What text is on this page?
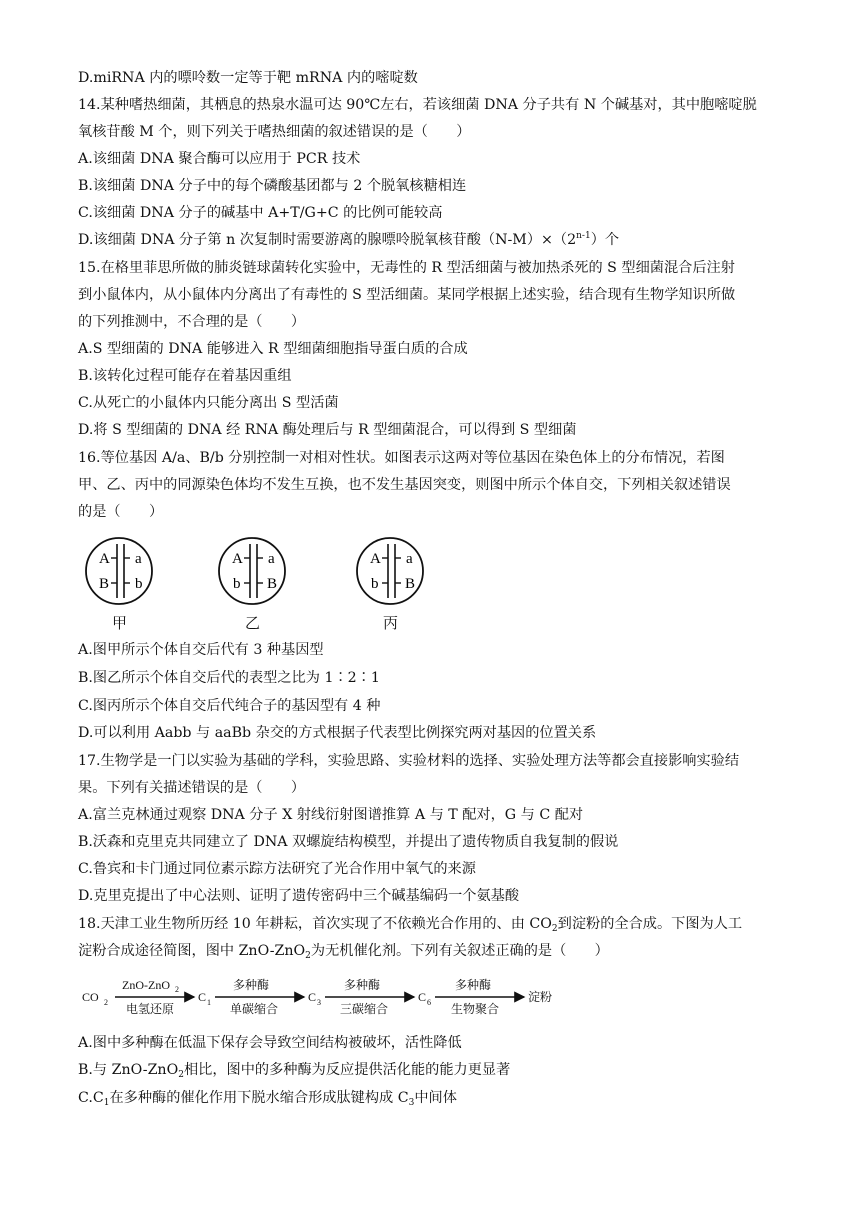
D.miRNA 内的嘌呤数一定等于靶 mRNA 内的嘧啶数
14.某种嗜热细菌，其栖息的热泉水温可达 90℃左右，若该细菌 DNA 分子共有 N 个碱基对，其中胞嘧啶脱
氧核苷酸 M 个，则下列关于嗜热细菌的叙述错误的是（　　）
A.该细菌 DNA 聚合酶可以应用于 PCR 技术
B.该细菌 DNA 分子中的每个磷酸基团都与 2 个脱氧核糖相连
C.该细菌 DNA 分子的碱基中 A+T/G+C 的比例可能较高
D.该细菌 DNA 分子第 n 次复制时需要游离的腺嘌呤脱氧核苷酸$(N-M)\times(2^{n-1})$个
15.在格里菲思所做的肺炎链球菌转化实验中，无毒性的 R 型活细菌与被加热杀死的 S 型细菌混合后注射
到小鼠体内，从小鼠体内分离出了有毒性的 S 型活细菌。某同学根据上述实验，结合现有生物学知识所做
的下列推测中，不合理的是（　　）
A.S 型细菌的 DNA 能够进入 R 型细菌细胞指导蛋白质的合成
B.该转化过程可能存在着基因重组
C.从死亡的小鼠体内只能分离出 S 型活菌
D.将 S 型细菌的 DNA 经 RNA 酶处理后与 R 型细菌混合，可以得到 S 型细菌
16.等位基因 A/a、B/b 分别控制一对相对性状。如图表示这两对等位基因在染色体上的分布情况，若图
甲、乙、丙中的同源染色体均不发生互换，也不发生基因突变，则图中所示个体自交，下列相关叙述错误
的是（　　）
A a
B b
甲
A a
b B
乙
A a
b B
丙
A.图甲所示个体自交后代有 3 种基因型
B.图乙所示个体自交后代的表型之比为 1∶2∶1
C.图丙所示个体自交后代纯合子的基因型有 4 种
D.可以利用 Aabb 与 aaBb 杂交的方式根据子代表型比例探究两对基因的位置关系
17.生物学是一门以实验为基础的学科，实验思路、实验材料的选择、实验处理方法等都会直接影响实验结
果。下列有关描述错误的是（　　）
A.富兰克林通过观察 DNA 分子 X 射线衍射图谱推算 A 与 T 配对，G 与 C 配对
B.沃森和克里克共同建立了 DNA 双螺旋结构模型，并提出了遗传物质自我复制的假说
C.鲁宾和卡门通过同位素示踪方法研究了光合作用中氧气的来源
D.克里克提出了中心法则、证明了遗传密码中三个碱基编码一个氨基酸
18.天津工业生物所历经 10 年耕耘，首次实现了不依赖光合作用的、由 $CO_2$到淀粉的全合成。下图为人工
淀粉合成途径简图，图中 ZnO-ZnO$_2$为无机催化剂。下列有关叙述正确的是（　　）
CO 2
ZnO-ZnO 2
电氢还原
C 1
多种酶
单碳缩合
C 3
多种酶
三碳缩合
C 6
多种酶
生物聚合
淀粉
A.图中多种酶在低温下保存会导致空间结构被破坏，活性降低
B.与 ZnO-ZnO$_2$相比，图中的多种酶为反应提供活化能的能力更显著
$C.C_1$在多种酶的催化作用下脱水缩合形成肽键构成 $C_3$中间体
